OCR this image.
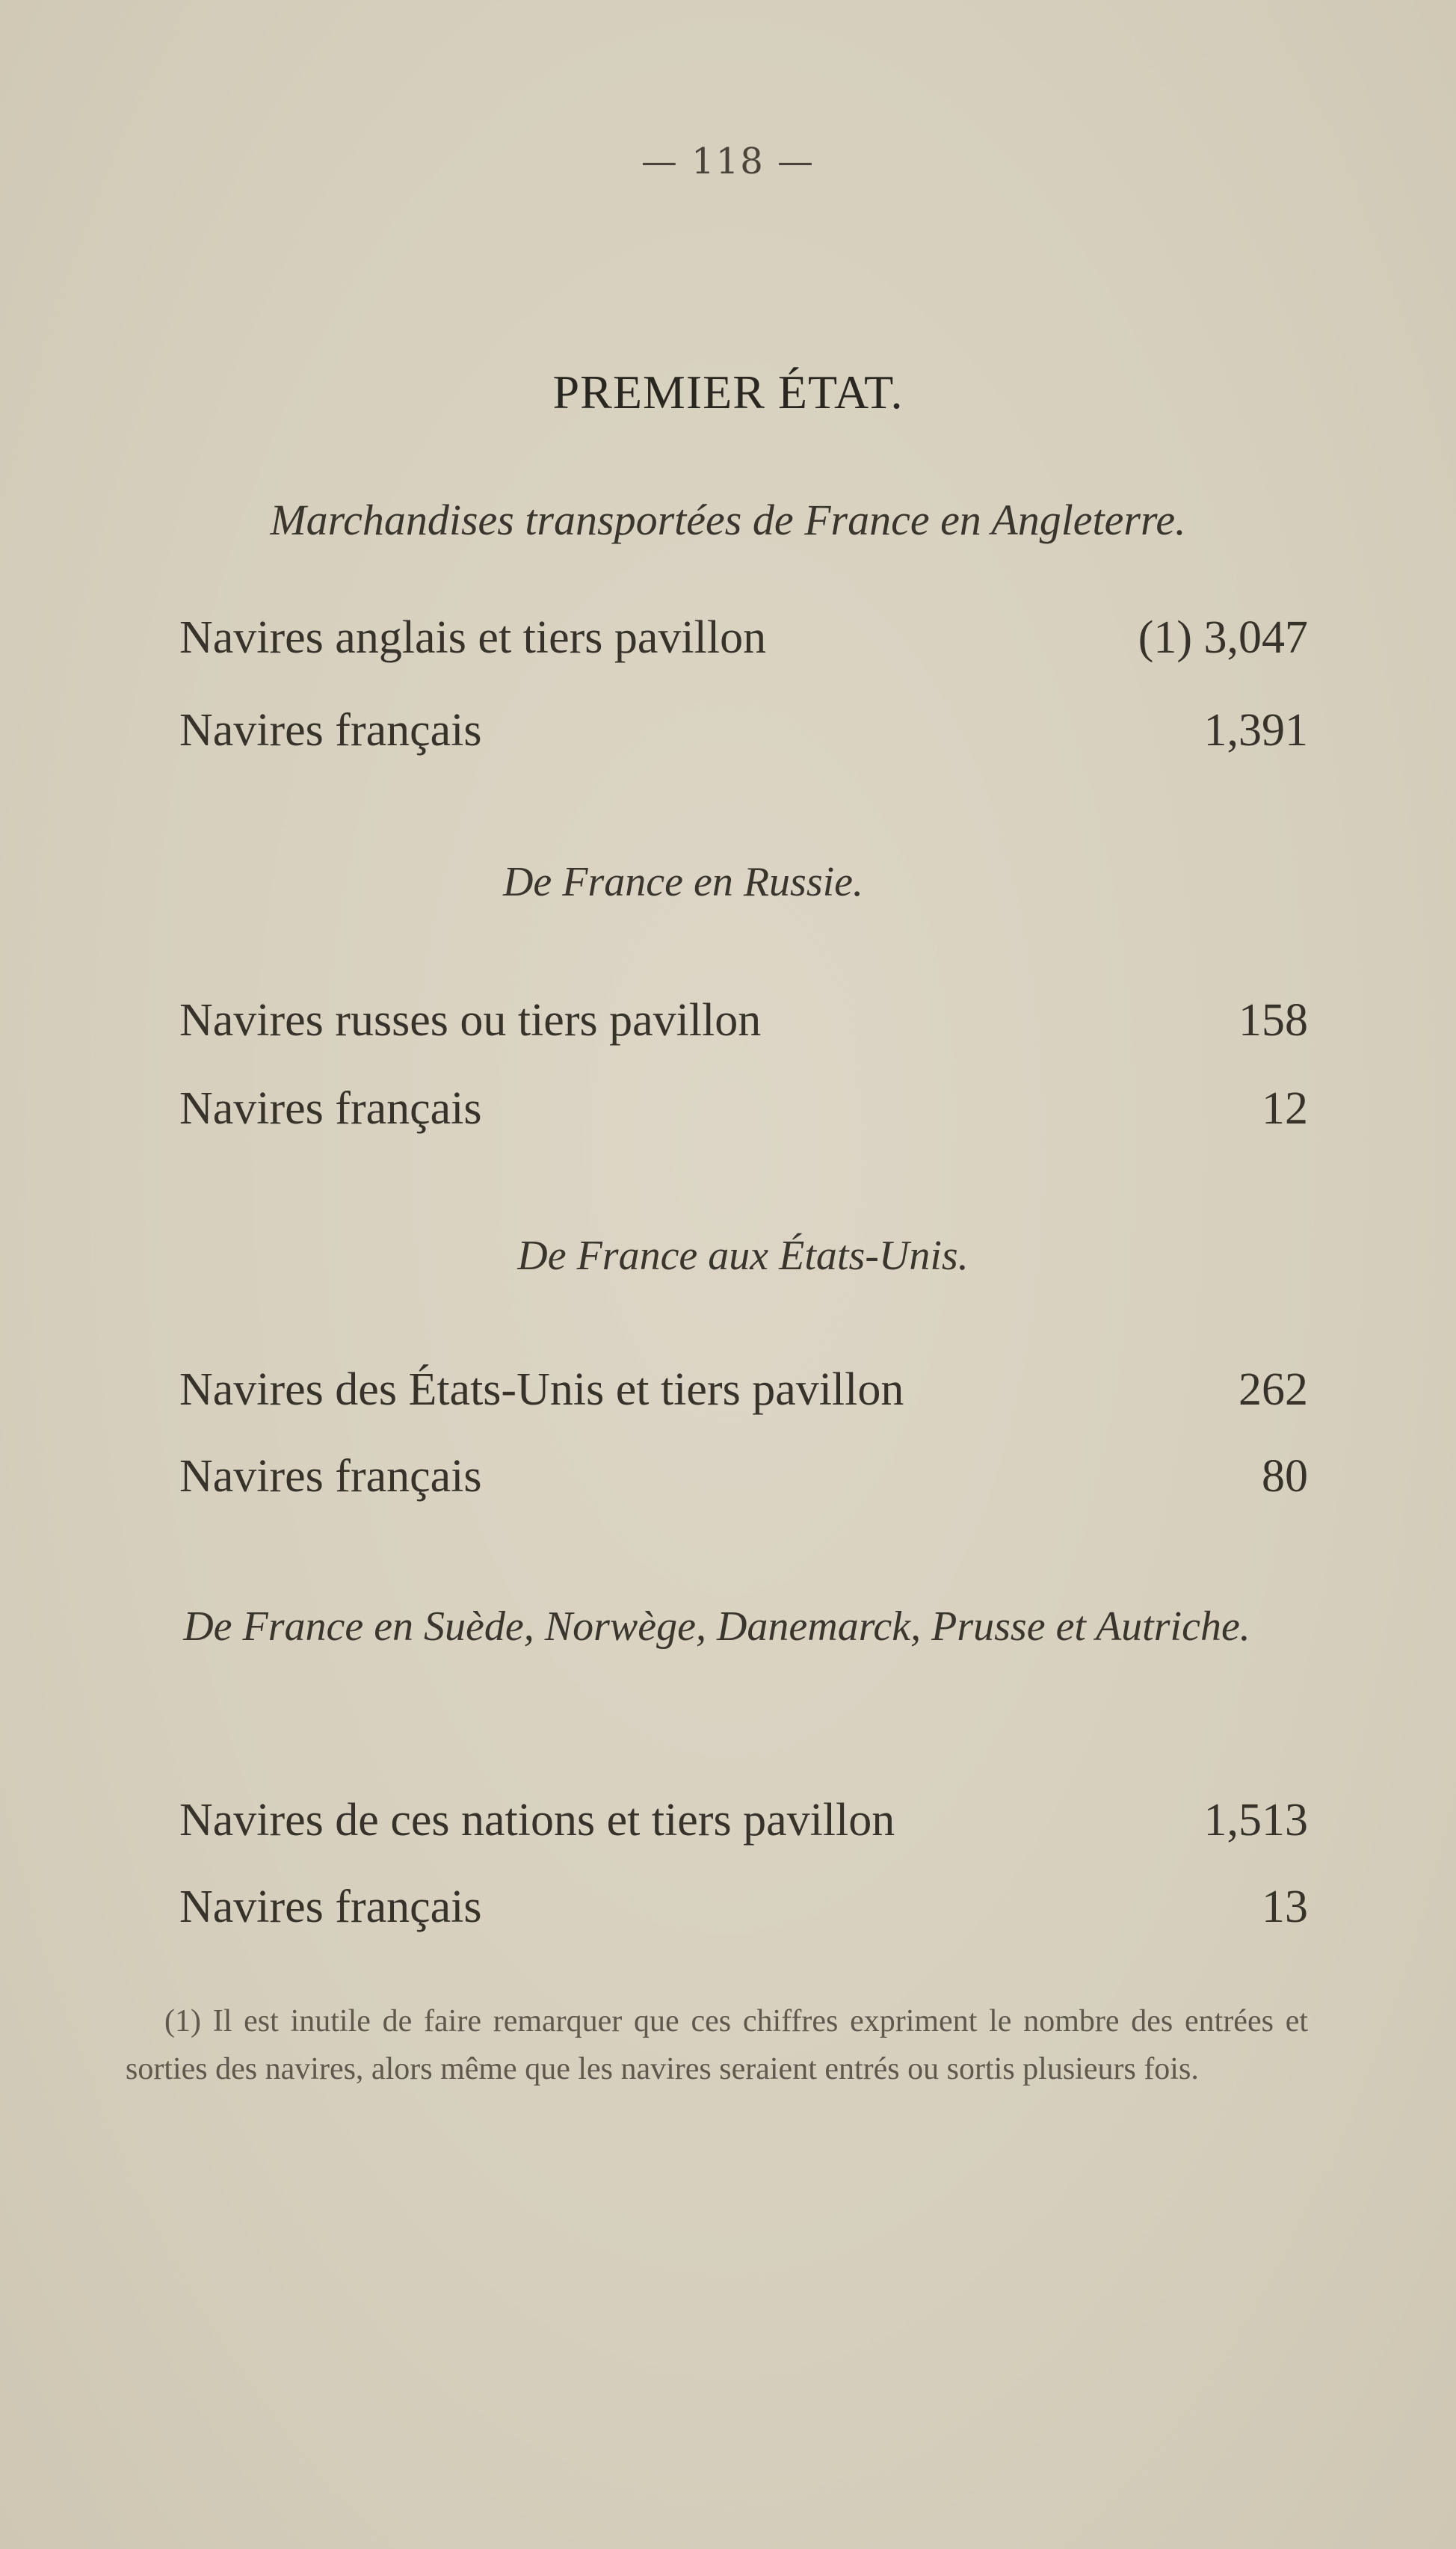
— 118 —
PREMIER ÉTAT.
Marchandises transportées de France en Angleterre.
Navires anglais et tiers pavillon	(1) 3,047
Navires français	1,391
De France en Russie.
Navires russes ou tiers pavillon	158
Navires français	12
De France aux États-Unis.
Navires des États-Unis et tiers pavillon	262
Navires français	80
De France en Suède, Norwège, Danemarck, Prusse et Autriche.
Navires de ces nations et tiers pavillon	1,513
Navires français	13
(1) Il est inutile de faire remarquer que ces chiffres expriment le nombre des entrées et sorties des navires, alors même que les navires seraient entrés ou sortis plusieurs fois.
